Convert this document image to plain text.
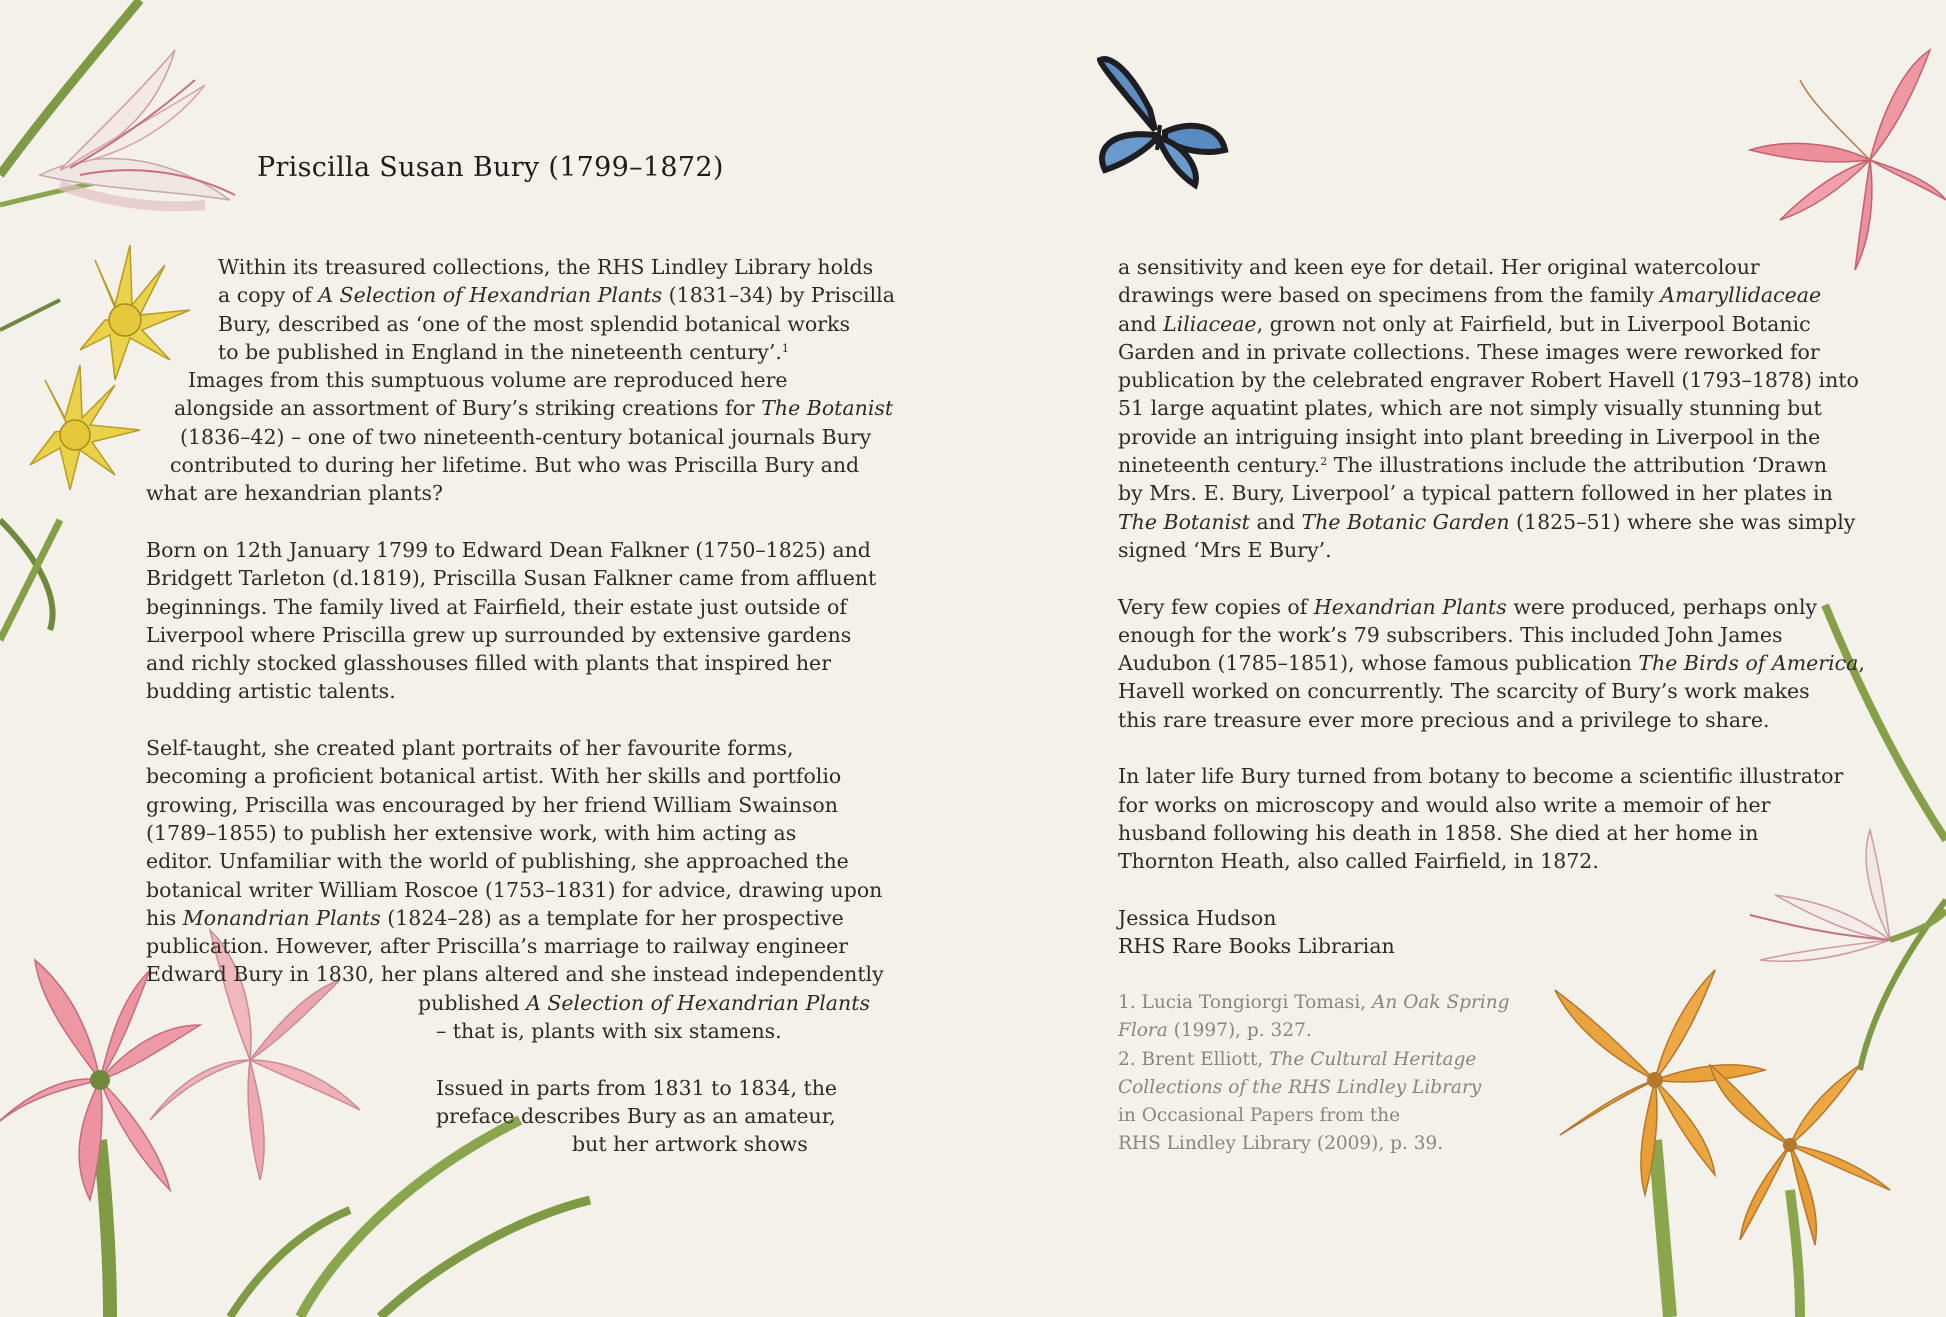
Priscilla Susan Bury (1799–1872)
Within its treasured collections, the RHS Lindley Library holds
a copy of A Selection of Hexandrian Plants (1831–34) by Priscilla
Bury, described as ‘one of the most splendid botanical works
to be published in England in the nineteenth century’.$^1$
Images from this sumptuous volume are reproduced here
alongside an assortment of Bury’s striking creations for The Botanist
(1836–42) – one of two nineteenth-century botanical journals Bury
contributed to during her lifetime. But who was Priscilla Bury and
what are hexandrian plants?
Born on 12th January 1799 to Edward Dean Falkner (1750–1825) and
Bridgett Tarleton (d.1819), Priscilla Susan Falkner came from affluent
beginnings. The family lived at Fairfield, their estate just outside of
Liverpool where Priscilla grew up surrounded by extensive gardens
and richly stocked glasshouses filled with plants that inspired her
budding artistic talents.
Self-taught, she created plant portraits of her favourite forms,
becoming a proficient botanical artist. With her skills and portfolio
growing, Priscilla was encouraged by her friend William Swainson
(1789–1855) to publish her extensive work, with him acting as
editor. Unfamiliar with the world of publishing, she approached the
botanical writer William Roscoe (1753–1831) for advice, drawing upon
his Monandrian Plants (1824–28) as a template for her prospective
publication. However, after Priscilla’s marriage to railway engineer
Edward Bury in 1830, her plans altered and she instead independently
published A Selection of Hexandrian Plants
– that is, plants with six stamens.
Issued in parts from 1831 to 1834, the
preface describes Bury as an amateur,
but her artwork shows
a sensitivity and keen eye for detail. Her original watercolour
drawings were based on specimens from the family Amaryllidaceae
and Liliaceae, grown not only at Fairfield, but in Liverpool Botanic
Garden and in private collections. These images were reworked for
publication by the celebrated engraver Robert Havell (1793–1878) into
51 large aquatint plates, which are not simply visually stunning but
provide an intriguing insight into plant breeding in Liverpool in the
nineteenth century.$^2$ The illustrations include the attribution ‘Drawn
by Mrs. E. Bury, Liverpool’ a typical pattern followed in her plates in
The Botanist and The Botanic Garden (1825–51) where she was simply
signed ‘Mrs E Bury’.
Very few copies of Hexandrian Plants were produced, perhaps only
enough for the work’s 79 subscribers. This included John James
Audubon (1785–1851), whose famous publication The Birds of America,
Havell worked on concurrently. The scarcity of Bury’s work makes
this rare treasure ever more precious and a privilege to share.
In later life Bury turned from botany to become a scientific illustrator
for works on microscopy and would also write a memoir of her
husband following his death in 1858. She died at her home in
Thornton Heath, also called Fairfield, in 1872.
Jessica Hudson
RHS Rare Books Librarian
1. Lucia Tongiorgi Tomasi, An Oak Spring
Flora (1997), p. 327.
2. Brent Elliott, The Cultural Heritage
Collections of the RHS Lindley Library
in Occasional Papers from the
RHS Lindley Library (2009), p. 39.
